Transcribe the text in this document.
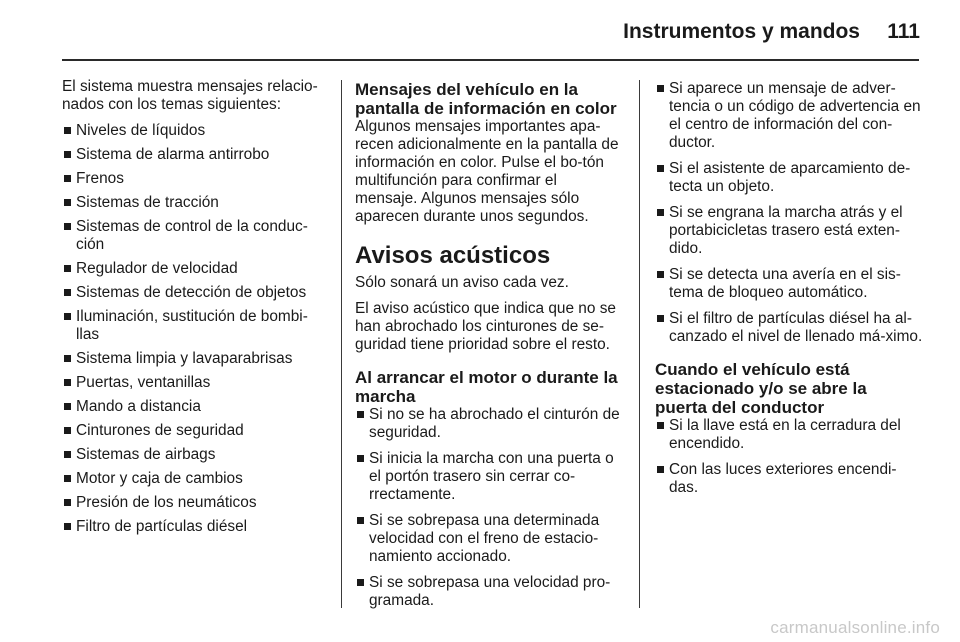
Instrumentos y mandos	111

El sistema muestra mensajes relacio-nados con los temas siguientes:

Niveles de líquidos
Sistema de alarma antirrobo
Frenos
Sistemas de tracción
Sistemas de control de la conduc-ción
Regulador de velocidad
Sistemas de detección de objetos
Iluminación, sustitución de bombi-llas
Sistema limpia y lavaparabrisas
Puertas, ventanillas
Mando a distancia
Cinturones de seguridad
Sistemas de airbags
Motor y caja de cambios
Presión de los neumáticos
Filtro de partículas diésel
Mensajes del vehículo en la pantalla de información en color

Algunos mensajes importantes apa-recen adicionalmente en la pantalla de información en color. Pulse el bo-tón multifunción para confirmar el mensaje. Algunos mensajes sólo aparecen durante unos segundos.

Avisos acústicos

Sólo sonará un aviso cada vez.

El aviso acústico que indica que no se han abrochado los cinturones de se-guridad tiene prioridad sobre el resto.

Al arrancar el motor o durante la marcha
Si no se ha abrochado el cinturón de seguridad.
Si inicia la marcha con una puerta o el portón trasero sin cerrar co-rrectamente.
Si se sobrepasa una determinada velocidad con el freno de estacio-namiento accionado.
Si se sobrepasa una velocidad pro-gramada.
Si aparece un mensaje de adver-tencia o un código de advertencia en el centro de información del con-ductor.
Si el asistente de aparcamiento de-tecta un objeto.
Si se engrana la marcha atrás y el portabicicletas trasero está exten-dido.
Si se detecta una avería en el sis-tema de bloqueo automático.
Si el filtro de partículas diésel ha al-canzado el nivel de llenado má-ximo.
Cuando el vehículo está estacionado y/o se abre la puerta del conductor
Si la llave está en la cerradura del encendido.
Con las luces exteriores encendi-das.
carmanualsonline.info
